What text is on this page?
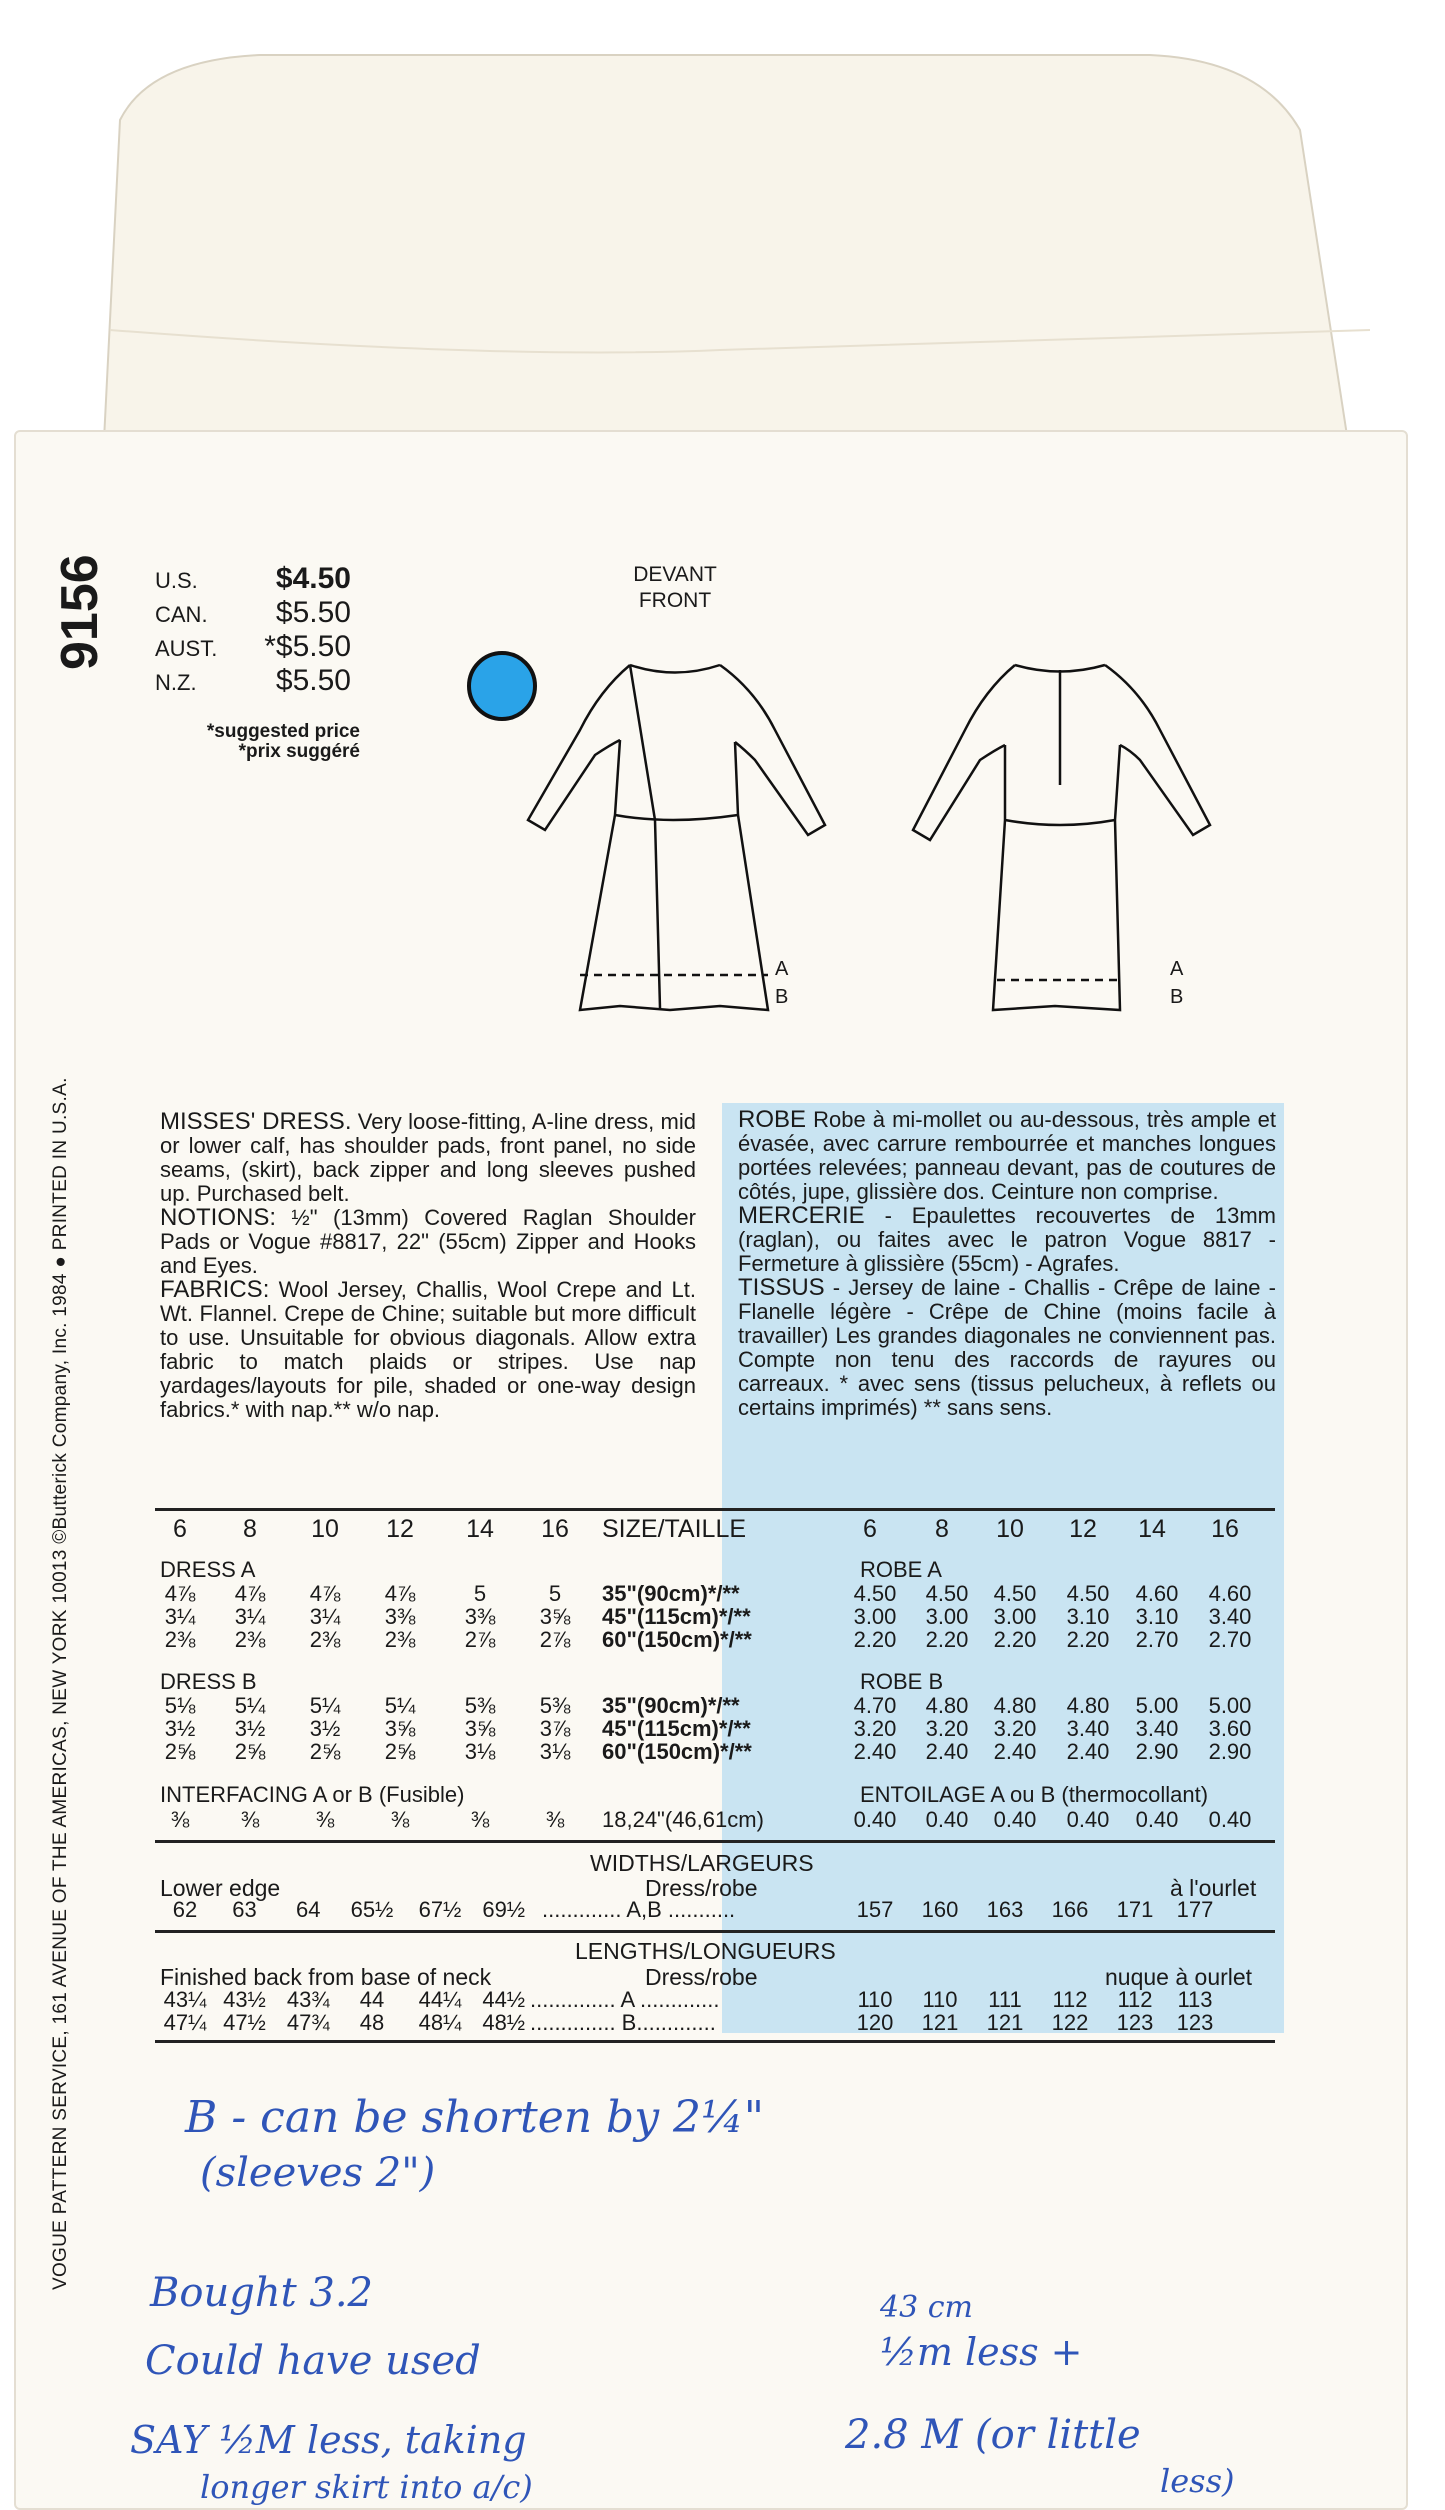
VOGUE PATTERN SERVICE, 161 AVENUE OF THE AMERICAS, NEW YORK 10013 ©Butterick Company, Inc. 1984 ● PRINTED IN U.S.A.
9156 U.S.	$4.50
CAN.	$5.50
AUST.	*$5.50
N.Z.	$5.50
*suggested price
*prix suggéré
DEVANT
FRONT
A
B
A
B
MISSES' DRESS. Very loose-fitting, A-line dress, mid or lower calf, has shoulder pads, front panel, no side seams, (skirt), back zipper and long sleeves pushed up. Purchased belt.
NOTIONS: ½" (13mm) Covered Raglan Shoulder Pads or Vogue #8817, 22" (55cm) Zipper and Hooks and Eyes.
FABRICS: Wool Jersey, Challis, Wool Crepe and Lt. Wt. Flannel. Crepe de Chine; suitable but more difficult to use. Unsuitable for obvious diagonals. Allow extra fabric to match plaids or stripes. Use nap yardages/layouts for pile, shaded or one-way design fabrics.* with nap.** w/o nap.
ROBE Robe à mi-mollet ou au-dessous, très ample et évasée, avec carrure rembourrée et manches longues portées relevées; panneau devant, pas de coutures de côtés, jupe, glissière dos. Ceinture non comprise.
MERCERIE - Epaulettes recouvertes de 13mm (raglan), ou faites avec le patron Vogue 8817 - Fermeture à glissière (55cm) - Agrafes.
TISSUS - Jersey de laine - Challis - Crêpe de laine - Flanelle légère - Crêpe de Chine (moins facile à travailler) Les grandes diagonales ne conviennent pas. Compte non tenu des raccords de rayures ou carreaux. * avec sens (tissus pelucheux, à reflets ou certains imprimés) ** sans sens.
6	8	10 12 14 16 SIZE/TAILLE	6	8	10 12 14 16
DRESS A	ROBE A
4⅞ 4⅞ 4⅞ 4⅞	5	5	35"(90cm)*/**	4.50	4.50	4.50	4.50	4.60	4.60
3¼ 3¼ 3¼ 3⅜ 3⅜ 3⅝ 45"(115cm)*/**	3.00	3.00	3.00	3.10	3.10	3.40
2⅜ 2⅜ 2⅜ 2⅜ 2⅞ 2⅞ 60"(150cm)*/**	2.20	2.20	2.20	2.20	2.70	2.70
DRESS B	ROBE B
5⅛ 5¼ 5¼ 5¼ 5⅜ 5⅜ 35"(90cm)*/**	4.70	4.80	4.80	4.80	5.00	5.00
3½ 3½ 3½ 3⅝ 3⅝ 3⅞ 45"(115cm)*/**	3.20	3.20	3.20	3.40	3.40	3.60
2⅝ 2⅝ 2⅝ 2⅝ 3⅛ 3⅛ 60"(150cm)*/**	2.40	2.40	2.40	2.40	2.90	2.90
INTERFACING A or B (Fusible)	ENTOILAGE A ou B (thermocollant)
⅜	⅜	⅜	⅜	⅜	⅜	18,24"(46,61cm)	0.40	0.40	0.40	0.40	0.40	0.40
WIDTHS/LARGEURS
Lower edge	Dress/robe	à l'ourlet
62	63	64	65½ 67½ 69½ ............. A,B ...........	157	160	163	166	171	177
LENGTHS/LONGUEURS
Finished back from base of neck	Dress/robe	nuque à ourlet
43¼ 43½ 43¾	44	44¼ 44½ .............. A .............	110	110	111	112	112	113
47¼ 47½ 47¾	48	48¼ 48½ .............. B.............	120	121	121	122	123	123
B - can be shorten by 2¼"
(sleeves 2")
Bought 3.2
Could have used
SAY ½M less, taking
longer skirt into a/c)
43 cm
½m less +
2.8 M (or little
less)
